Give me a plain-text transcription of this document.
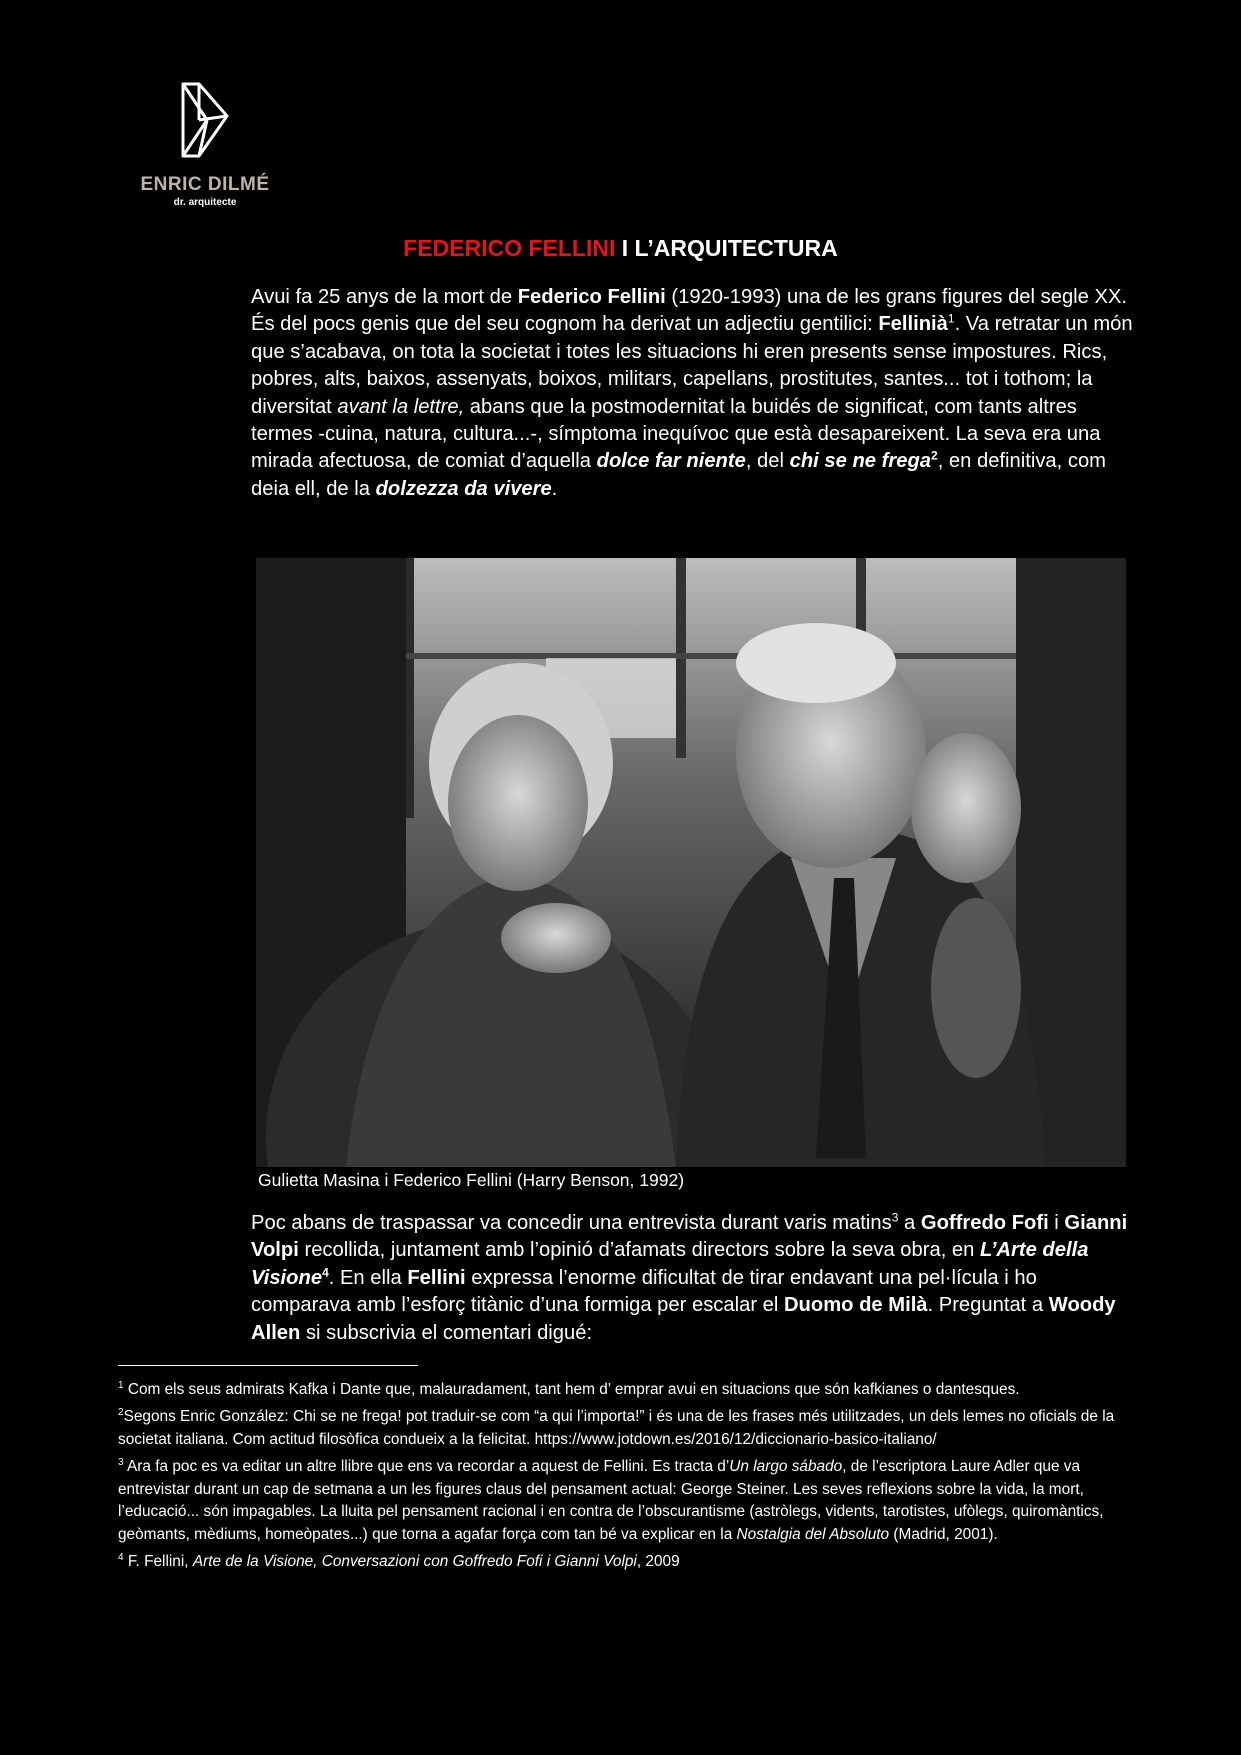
ENRIC DILMÉ
dr. arquitecte
FEDERICO FELLINI I L’ARQUITECTURA
Avui fa 25 anys de la mort de Federico Fellini (1920-1993) una de les grans figures del segle XX. És del pocs genis que del seu cognom ha derivat un adjectiu gentilici: Fellinià$^1$. Va retratar un món que s’acabava, on tota la societat i totes les situacions hi eren presents sense impostures. Rics, pobres, alts, baixos, assenyats, boixos, militars, capellans, prostitutes, santes... tot i tothom; la diversitat avant la lettre, abans que la postmodernitat la buidés de significat, com tants altres termes -cuina, natura, cultura...-, símptoma inequívoc que està desapareixent. La seva era una mirada afectuosa, de comiat d’aquella dolce far niente, del chi se ne frega$^2$, en definitiva, com deia ell, de la dolzezza da vivere.
Gulietta Masina i Federico Fellini (Harry Benson, 1992)
Poc abans de traspassar va concedir una entrevista durant varis matins$^3$ a Goffredo Fofi i Gianni Volpi recollida, juntament amb l’opinió d’afamats directors sobre la seva obra, en L’Arte della Visione$^4$. En ella Fellini expressa l’enorme dificultat de tirar endavant una pel·lícula i ho comparava amb l’esforç titànic d’una formiga per escalar el Duomo de Milà. Preguntat a Woody Allen si subscrivia el comentari digué:
$^1$ Com els seus admirats Kafka i Dante que, malauradament, tant hem d’ emprar avui en situacions que són kafkianes o dantesques.
$^2$Segons Enric González: Chi se ne frega! pot traduir-se com “a qui l’importa!” i és una de les frases més utilitzades, un dels lemes no oficials de la societat italiana. Com actitud filosòfica condueix a la felicitat. https://www.jotdown.es/2016/12/diccionario-basico-italiano/
$^3$ Ara fa poc es va editar un altre llibre que ens va recordar a aquest de Fellini. Es tracta d’Un largo sábado, de l’escriptora Laure Adler que va entrevistar durant un cap de setmana a un les figures claus del pensament actual: George Steiner. Les seves reflexions sobre la vida, la mort, l’educació... són impagables. La lluita pel pensament racional i en contra de l’obscurantisme (astròlegs, vidents, tarotistes, ufòlegs, quiromàntics, geòmants, mèdiums, homeòpates...) que torna a agafar força com tan bé va explicar en la Nostalgia del Absoluto (Madrid, 2001).
$^4$ F. Fellini, Arte de la Visione, Conversazioni con Goffredo Fofi i Gianni Volpi, 2009
